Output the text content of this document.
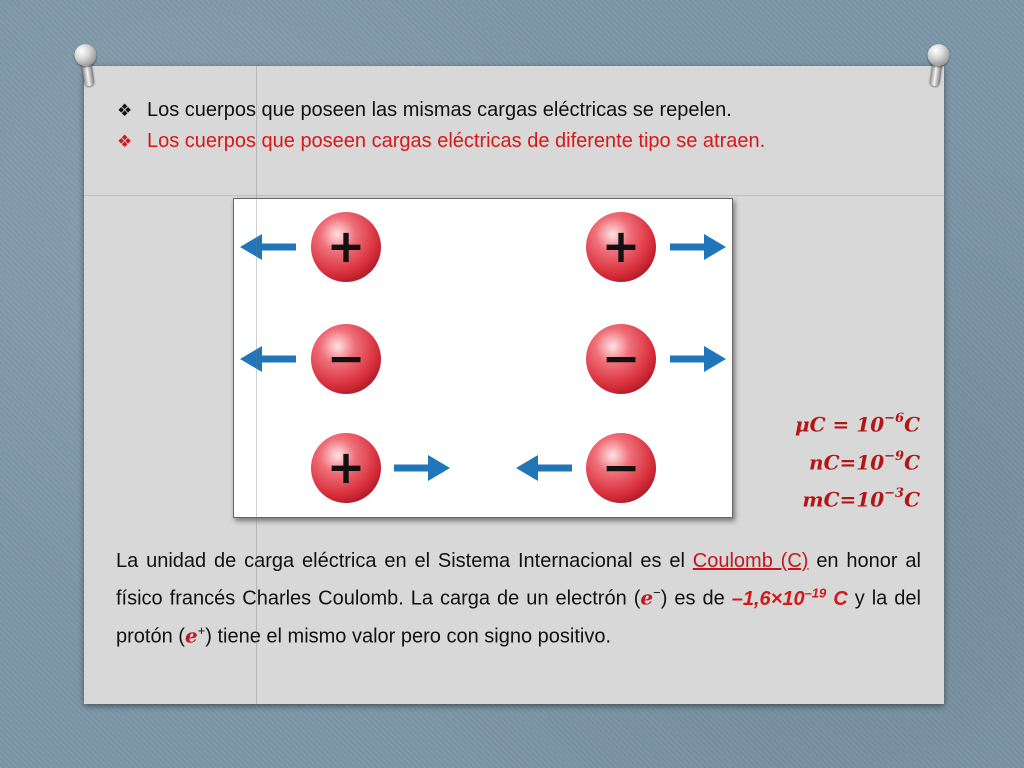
❖ Los cuerpos que poseen las mismas cargas eléctricas se repelen.
❖ Los cuerpos que poseen cargas eléctricas de diferente tipo se atraen.
+	+
−	−
+	−
$\mu C = 10^{-6}C$
$nC=10^{-9}C$
$mC=10^{-3}C$
La unidad de carga eléctrica en el Sistema Internacional es el Coulomb (C) en honor al físico francés Charles Coulomb. La carga de un electrón (e−) es de $-1,6\times 10^{-19}$ C y la del protón (e+) tiene el mismo valor pero con signo positivo.
